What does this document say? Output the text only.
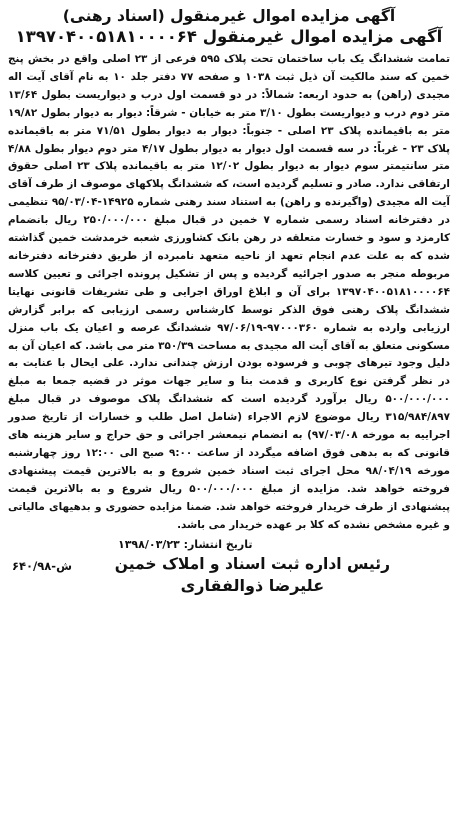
آگهی مزایده اموال غیرمنقول (اسناد رهنی)
آگهی مزایده اموال غیرمنقول ۱۳۹۷۰۴۰۰۵۱۸۱۰۰۰۰۶۴

تمامت ششدانگ یک باب ساختمان تحت پلاک ۵۹۵ فرعی از ۲۳ اصلی واقع در بخش پنج خمین که سند مالکیت آن ذیل ثبت ۱۰۳۸ و صفحه ۷۷ دفتر جلد ۱۰ به نام آقای آیت اله مجیدی (راهن) به حدود اربعه: شمالاً: در دو قسمت اول درب و دیواریست بطول ۱۳/۶۴ متر دوم درب و دیواریست بطول ۳/۱۰ متر به خیابان - شرقاً: دیوار به دیوار بطول ۱۹/۸۲ متر به باقیمانده پلاک ۲۳ اصلی - جنوباً: دیوار به دیوار بطول ۷۱/۵۱ متر به باقیمانده پلاک ۲۳ - غرباً: در سه قسمت اول دیوار به دیوار بطول ۴/۱۷ متر دوم دیوار بطول ۴/۸۸ متر سانتیمتر سوم دیوار به دیوار بطول ۱۲/۰۲ متر به باقیمانده پلاک ۲۳ اصلی حقوق ارتفاقی ندارد. صادر و تسلیم گردیده است، که ششدانگ پلاکهای موصوف از طرف آقای آیت اله مجیدی (واگیرنده و راهن) به استناد سند رهنی شماره ۱۴۹۲۵-۹۵/۰۳/۰۴ تنظیمی در دفترخانه اسناد رسمی شماره ۷ خمین در قبال مبلغ ۲۵۰/۰۰۰/۰۰۰ ریال بانضمام کارمزد و سود و خسارت متعلقه در رهن بانک کشاورزی شعبه خرمدشت خمین گذاشته شده که به علت عدم انجام تعهد از ناحیه متعهد نامبرده از طریق دفترخانه دفترخانه مربوطه منجر به صدور اجرائیه گردیده و پس از تشکیل پرونده اجرائی و تعیین کلاسه ۱۳۹۷۰۴۰۰۵۱۸۱۰۰۰۰۶۴ برای آن و ابلاغ اوراق اجرایی و طی تشریفات قانونی نهایتا ششدانگ پلاک رهنی فوق الذکر توسط کارشناس رسمی ارزیابی که برابر گزارش ارزیابی وارده به شماره ۹۷۰۰۰۳۶۰-۹۷/۰۶/۱۹ ششدانگ عرصه و اعیان یک باب منزل مسکونی متعلق به آقای آیت اله مجیدی به مساحت ۳۵۰/۳۹ متر می باشد. که اعیان آن به دلیل وجود تیرهای چوبی و فرسوده بودن ارزش چندانی ندارد. علی ایحال با عنایت به در نظر گرفتن نوع کاربری و قدمت بنا و سایر جهات موثر در قضیه جمعا به مبلغ ۵۰۰/۰۰۰/۰۰۰ ریال برآورد گردیده است که ششدانگ پلاک موصوف در قبال مبلغ ۳۱۵/۹۸۴/۸۹۷ ریال موضوع لازم الاجراء (شامل اصل طلب و خسارات از تاریخ صدور اجراییه به مورخه ۹۷/۰۳/۰۸) به انضمام نیمعشر اجرائی و حق حراج و سایر هزینه های قانونی که به بدهی فوق اضافه میگردد از ساعت ۹:۰۰ صبح الی ۱۲:۰۰ روز چهارشنبه مورخه ۹۸/۰۴/۱۹ محل اجرای ثبت اسناد خمین شروع و به بالاترین قیمت پیشنهادی فروخته خواهد شد. مزایده از مبلغ ۵۰۰/۰۰۰/۰۰۰ ریال شروع و به بالاترین قیمت پیشنهادی از طرف خریدار فروخته خواهد شد. ضمنا مزایده حضوری و بدهیهای مالیاتی و غیره مشخص نشده که کلا بر عهده خریدار می باشد.

تاریخ انتشار: ۱۳۹۸/۰۳/۲۳
رئیس اداره ثبت اسناد و املاک خمین
علیرضا ذوالفقاری
۶۴۰/۹۸-ش
